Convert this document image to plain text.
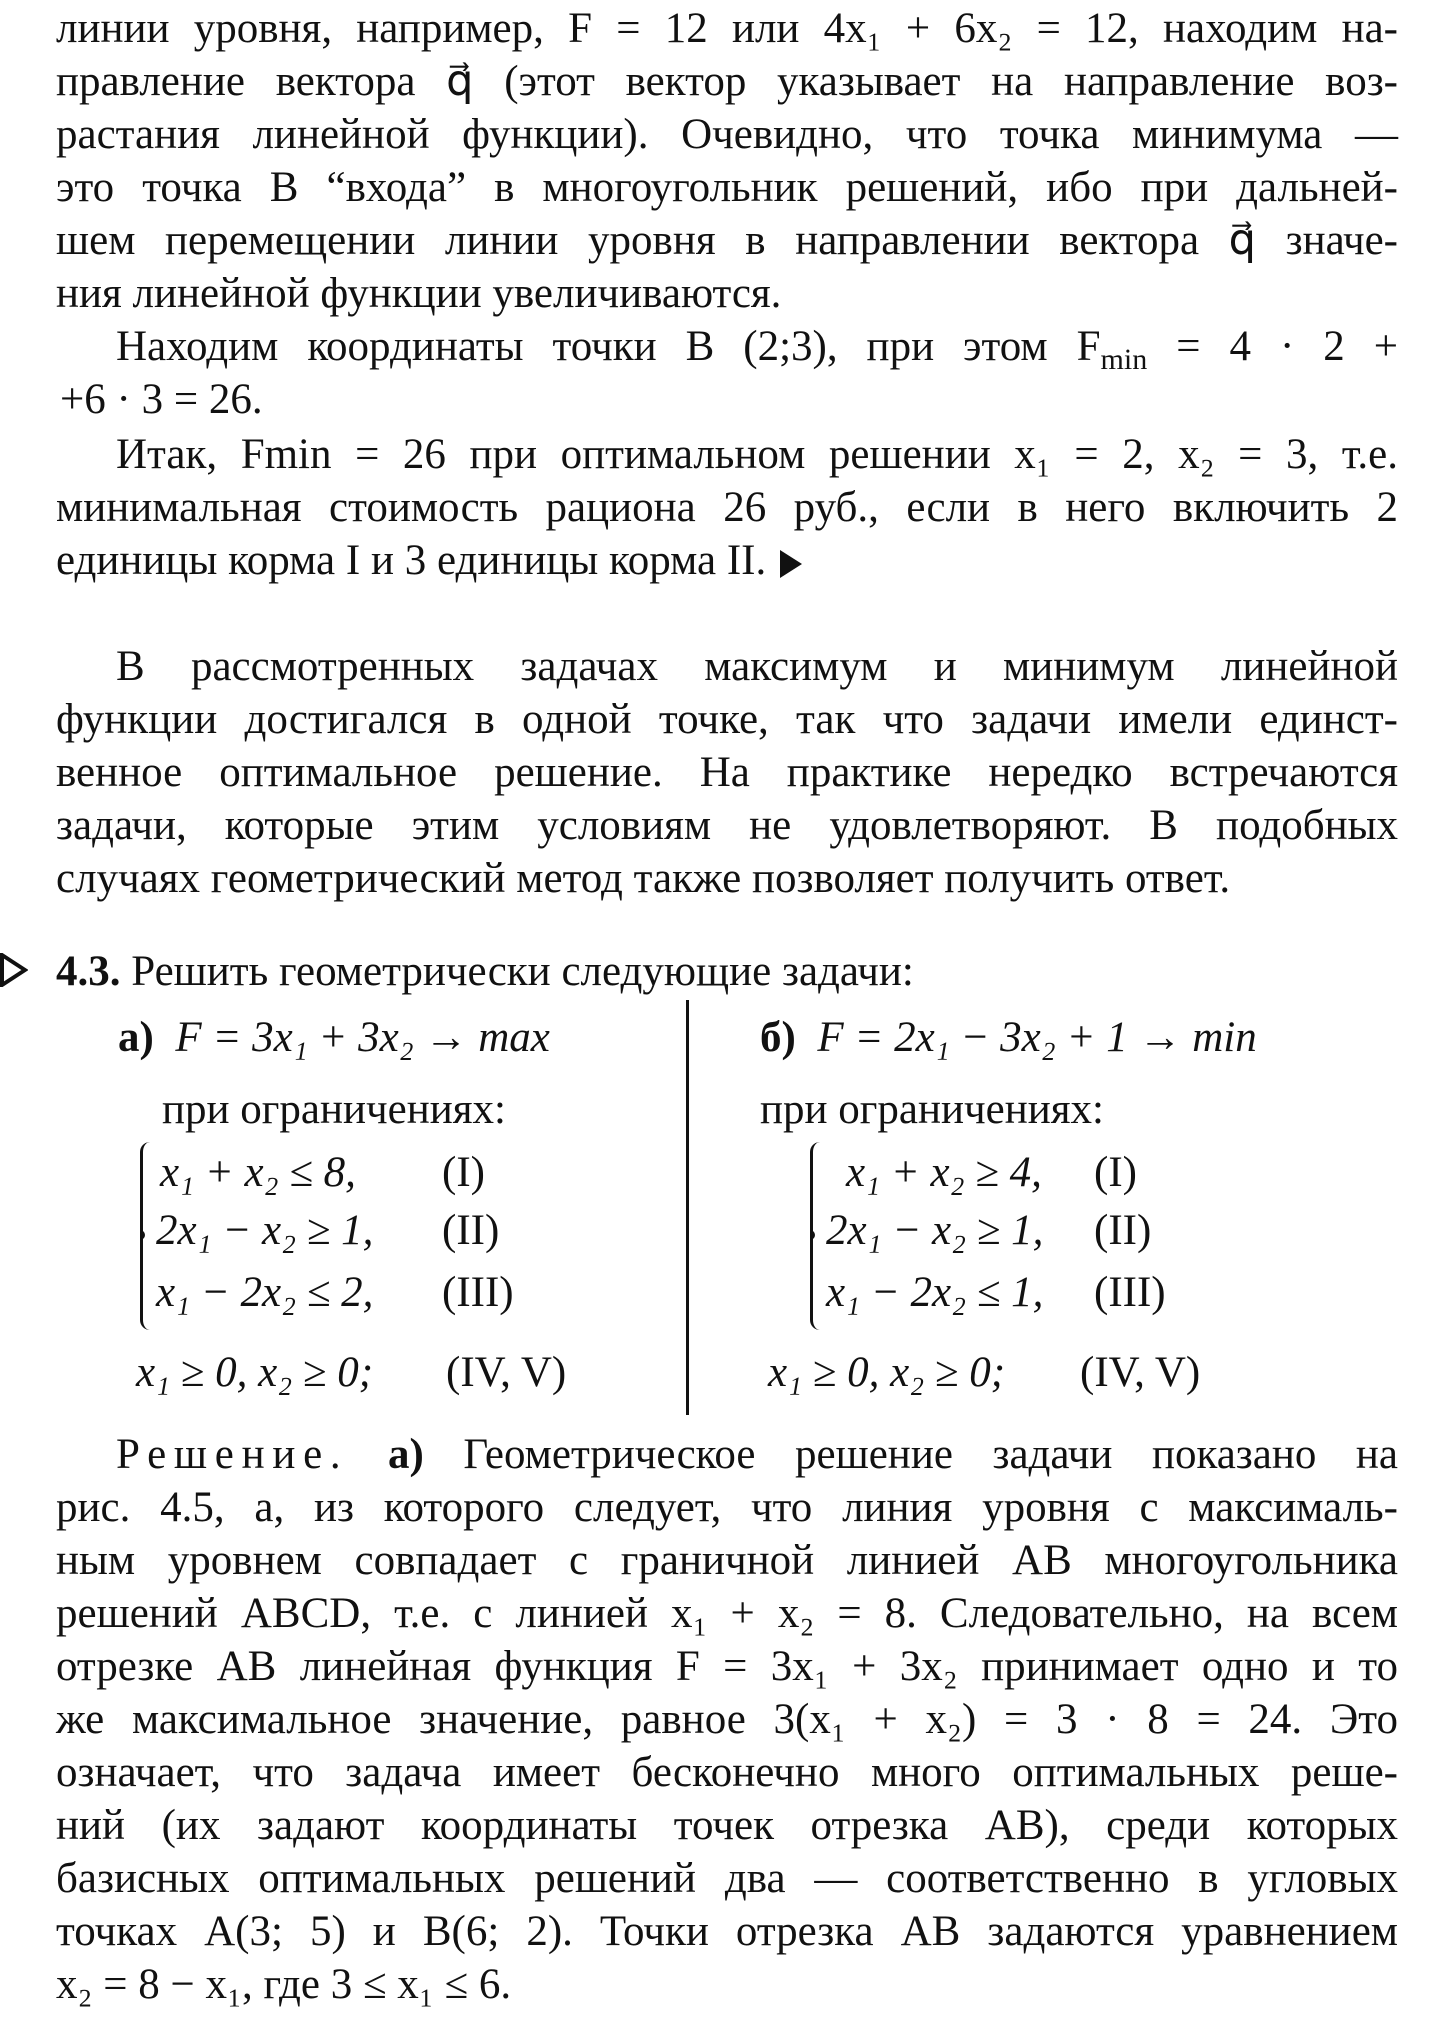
линии уровня, например, F = 12 или 4x₁ + 6x₂ = 12, находим на-
правление вектора q⃗ (этот вектор указывает на направление воз-
растания линейной функции). Очевидно, что точка минимума —
это точка B “входа” в многоугольник решений, ибо при дальней-
шем перемещении линии уровня в направлении вектора q⃗ значе-
ния линейной функции увеличиваются.
Находим координаты точки B (2;3), при этом $F_{min} = 4 \cdot 2$ +
+6 · 3 = 26.
Итак, Fmin = 26 при оптимальном решении x₁ = 2, x₂ = 3, т.е.
минимальная стоимость рациона 26 руб., если в него включить 2
единицы корма I и 3 единицы корма II.
В рассмотренных задачах максимум и минимум линейной
функции достигался в одной точке, так что задачи имели единст-
венное оптимальное решение. На практике нередко встречаются
задачи, которые этим условиям не удовлетворяют. В подобных
случаях геометрический метод также позволяет получить ответ.
4.3. Решить геометрически следующие задачи:
а) F = 3x₁ + 3x₂ → max
при ограничениях:
x₁ + x₂ ≤ 8, (I)
2x₁ − x₂ ≥ 1, (II)
x₁ − 2x₂ ≤ 2, (III)
x₁ ≥ 0, x₂ ≥ 0; (IV, V)
б) F = 2x₁ − 3x₂ + 1 → min
при ограничениях:
x₁ + x₂ ≥ 4, (I)
2x₁ − x₂ ≥ 1, (II)
x₁ − 2x₂ ≤ 1, (III)
x₁ ≥ 0, x₂ ≥ 0; (IV, V)
Решение. а) Геометрическое решение задачи показано на
рис. 4.5, а, из которого следует, что линия уровня с максималь-
ным уровнем совпадает с граничной линией AB многоугольника
решений ABCD, т.е. с линией x₁ + x₂ = 8. Следовательно, на всем
отрезке AB линейная функция F = 3x₁ + 3x₂ принимает одно и то
же максимальное значение, равное 3(x₁ + x₂) = 3 · 8 = 24. Это
означает, что задача имеет бесконечно много оптимальных реше-
ний (их задают координаты точек отрезка AB), среди которых
базисных оптимальных решений два — соответственно в угловых
точках A(3; 5) и B(6; 2). Точки отрезка AB задаются уравнением
x₂ = 8 − x₁, где 3 ≤ x₁ ≤ 6.
